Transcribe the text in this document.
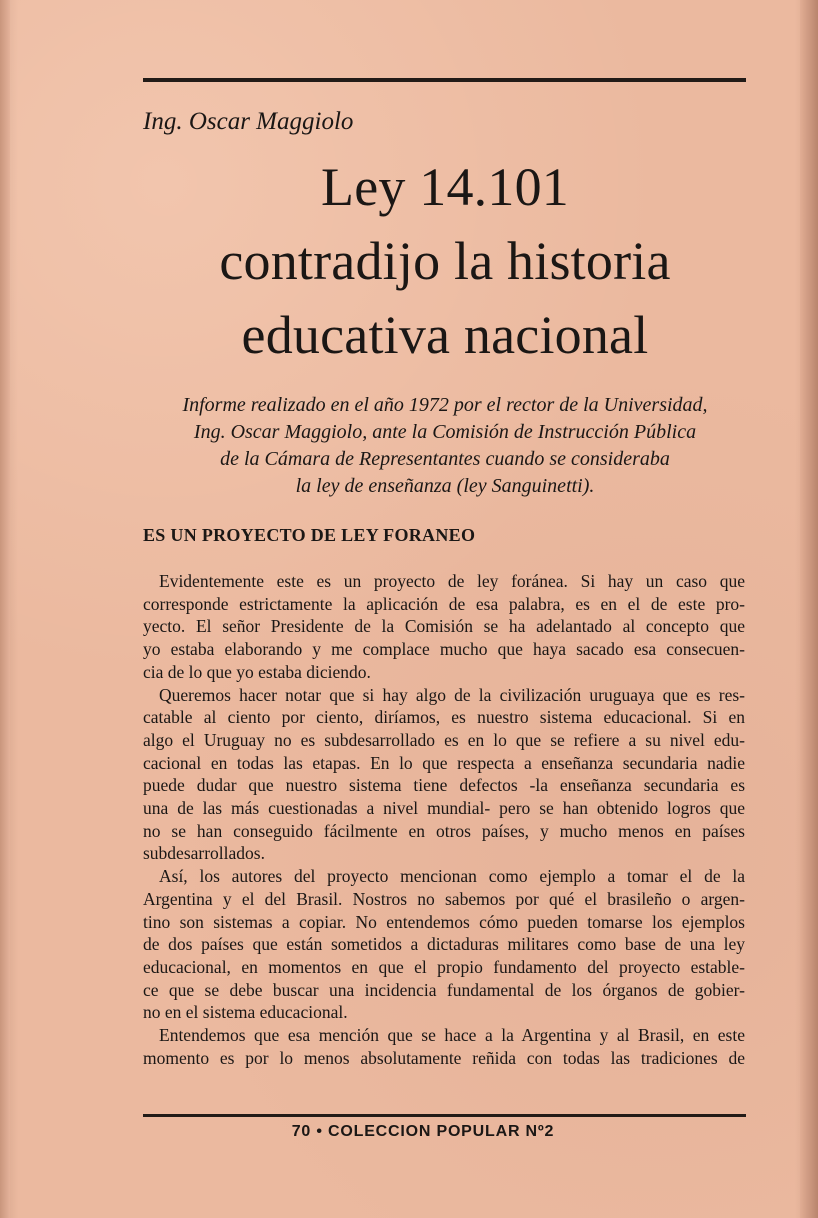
Ing. Oscar Maggiolo
Ley 14.101
contradijo la historia
educativa nacional
Informe realizado en el año 1972 por el rector de la Universidad,
Ing. Oscar Maggiolo, ante la Comisión de Instrucción Pública
de la Cámara de Representantes cuando se consideraba
la ley de enseñanza (ley Sanguinetti).
ES UN PROYECTO DE LEY FORANEO
Evidentemente este es un proyecto de ley foránea. Si hay un caso que
corresponde estrictamente la aplicación de esa palabra, es en el de este pro-
yecto. El señor Presidente de la Comisión se ha adelantado al concepto que
yo estaba elaborando y me complace mucho que haya sacado esa consecuen-
cia de lo que yo estaba diciendo.
Queremos hacer notar que si hay algo de la civilización uruguaya que es res-
catable al ciento por ciento, diríamos, es nuestro sistema educacional. Si en
algo el Uruguay no es subdesarrollado es en lo que se refiere a su nivel edu-
cacional en todas las etapas. En lo que respecta a enseñanza secundaria nadie
puede dudar que nuestro sistema tiene defectos -la enseñanza secundaria es
una de las más cuestionadas a nivel mundial- pero se han obtenido logros que
no se han conseguido fácilmente en otros países, y mucho menos en países
subdesarrollados.
Así, los autores del proyecto mencionan como ejemplo a tomar el de la
Argentina y el del Brasil. Nostros no sabemos por qué el brasileño o argen-
tino son sistemas a copiar. No entendemos cómo pueden tomarse los ejemplos
de dos países que están sometidos a dictaduras militares como base de una ley
educacional, en momentos en que el propio fundamento del proyecto estable-
ce que se debe buscar una incidencia fundamental de los órganos de gobier-
no en el sistema educacional.
Entendemos que esa mención que se hace a la Argentina y al Brasil, en este
momento es por lo menos absolutamente reñida con todas las tradiciones de
70 • COLECCION POPULAR Nº2
